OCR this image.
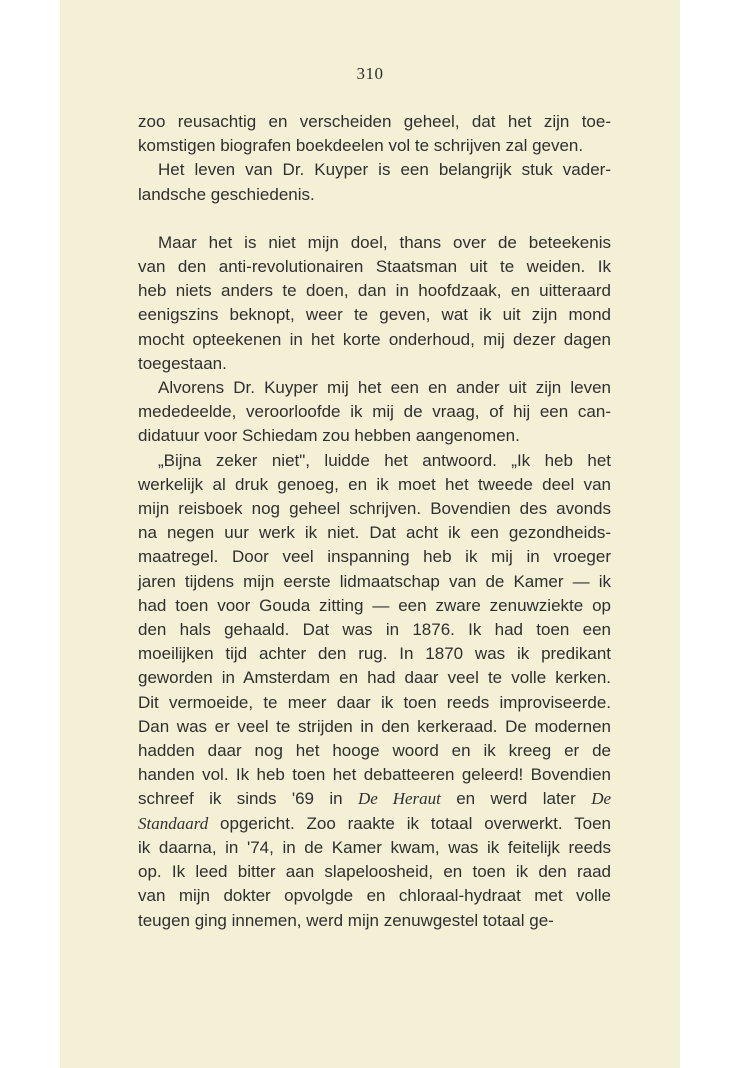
310
zoo reusachtig en verscheiden geheel, dat het zijn toe-
komstigen biografen boekdeelen vol te schrijven zal geven.
Het leven van Dr. Kuyper is een belangrijk stuk vader-
landsche geschiedenis.
Maar het is niet mijn doel, thans over de beteekenis
van den anti-revolutionairen Staatsman uit te weiden. Ik
heb niets anders te doen, dan in hoofdzaak, en uitteraard
eenigszins beknopt, weer te geven, wat ik uit zijn mond
mocht opteekenen in het korte onderhoud, mij dezer dagen
toegestaan.
Alvorens Dr. Kuyper mij het een en ander uit zijn leven
mededeelde, veroorloofde ik mij de vraag, of hij een can-
didatuur voor Schiedam zou hebben aangenomen.
„Bijna zeker niet", luidde het antwoord. „Ik heb het
werkelijk al druk genoeg, en ik moet het tweede deel van
mijn reisboek nog geheel schrijven. Bovendien des avonds
na negen uur werk ik niet. Dat acht ik een gezondheids-
maatregel. Door veel inspanning heb ik mij in vroeger
jaren tijdens mijn eerste lidmaatschap van de Kamer — ik
had toen voor Gouda zitting — een zware zenuwziekte op
den hals gehaald. Dat was in 1876. Ik had toen een
moeilijken tijd achter den rug. In 1870 was ik predikant
geworden in Amsterdam en had daar veel te volle kerken.
Dit vermoeide, te meer daar ik toen reeds improviseerde.
Dan was er veel te strijden in den kerkeraad. De modernen
hadden daar nog het hooge woord en ik kreeg er de
handen vol. Ik heb toen het debatteeren geleerd! Bovendien
schreef ik sinds '69 in De Heraut en werd later De
Standaard opgericht. Zoo raakte ik totaal overwerkt. Toen
ik daarna, in '74, in de Kamer kwam, was ik feitelijk reeds
op. Ik leed bitter aan slapeloosheid, en toen ik den raad
van mijn dokter opvolgde en chloraal-hydraat met volle
teugen ging innemen, werd mijn zenuwgestel totaal ge-
